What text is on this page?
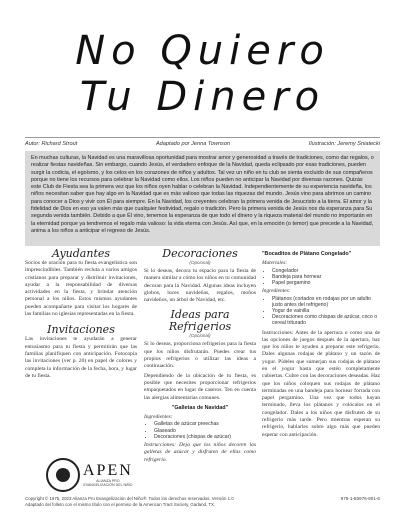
No Quiero
Tu Dinero
Autor: Richard Strout	Adaptado por Jenna Townson	Ilustración: Jeremy Sniatecki
En muchas culturas, la Navidad es una maravillosa oportunidad para mostrar amor y generosidad a través de tradiciones, como dar regalos, o realizar fiestas navideñas. Sin embargo, cuando Jesús, el verdadero enfoque de la Navidad, queda eclipsado por esas tradiciones, pueden surgir la codicia, el egoísmo, y los celos en los corazones de niños y adultos. Tal vez un niño en tu club se sienta excluido de sus compañeros porque no tiene los recursos para celebrar la Navidad como ellos. Los niños pueden no anticipar la Navidad por diversas razones. Quizás este Club de Fiesta sea la primera vez que los niños oyen hablar o celebran la Navidad. Independientemente de su experiencia navideña, los niños necesitan saber que hay algo en la Navidad que es más valioso que todas las riquezas del mundo. Jesús vino para abrirnos un camino para conocer a Dios y vivir con Él para siempre. En la Navidad, los creyentes celebran la primera venida de Jesucristo a la tierra. El amor y la fidelidad de Dios en eso ya valen más que cualquier festividad, regalo o tradición. Pero la primera venida de Jesús nos da esperanza para Su segunda venida también. Debido a que Él vino, tenemos la esperanza de que todo el dinero y la riqueza material del mundo no importarán en la eternidad porque ya tendremos el regalo más valioso: la vida eterna con Jesús. Así que, en la emoción (o temor) que precede a la Navidad, anima a los niños a anticipar el regreso de Jesús.
Ayudantes

Socios de oración para tu fiesta evangelística son imprescindibles. También recluta a varios amigos cristianos para preparar y distribuir invitaciones, ayudar a la responsabilidad de diversas actividades en la fiesta, y brindar atención personal a los niños. Estos mismos ayudantes pueden acompañarte para visitar los hogares de las familias no iglesias representadas en la fiesta.

Invitaciones

Las invitaciones te ayudarán a generar entusiasmo para tu fiesta y permitirán que las familias planifiquen con anticipación. Fotocopia las invitaciones (ver p. 20) en papel de colores y completa la información de la fecha, hora, y lugar de tu fiesta.

APEN
ALIANZA PRO
EVANGELIZACIÓN DEL NIÑO
Decoraciones
(Opcional)

Si lo deseas, decora tu espacio para la fiesta de manera similar a cómo los niños en tu comunidad decoran para la Navidad. Algunas ideas incluyen globos, luces navideñas, regalos, moños navideños, un árbol de Navidad, etc.

Ideas para Refrigerios
(Opcional)

Si lo deseas, proporciona refrigerios para la fiesta que los niños disfrutarán. Puedes crear tus propios refrigerios o utilizar las ideas a continuación.

Dependiendo de la ubicación de tu fiesta, es posible que necesites proporcionar refrigerios empaquetados en lugar de caseros. Ten en cuenta las alergias alimentarias comunes.

"Galletas de Navidad"
Ingredientes:
• Galletas de azúcar preechas
• Glaseado
• Decoraciones (chispas de azúcar)

Instrucciones: Deja que los niños decoren las galletas de azúcar y disfruten de ellas como refrigerio.

"Bocaditos de Plátano Congelado"
Materiales:
• Congelador
• Bandeja para hornear
• Papel pergamino
Ingredientes:
• Plátanos (cortados en rodajas por un adulto justo antes del refrigerio)
• Yogur de vainilla
• Decoraciones como chispas de azúcar, coco o cereal triturado

Instrucciones: Antes de la apertura o como una de las opciones de juegos después de la apertura, haz que los niños te ayuden a preparar este refrigerio. Dales algunas rodajas de plátano y un tazón de yogur. Pídeles que sumerjan sus rodajas de plátano en el yogur hasta que estén completamente cubiertas. Cubre con las decoraciones deseadas. Haz que los niños coloquen sus rodajas de plátano terminadas en una bandeja para hornear forrada con papel pergamino. Una vez que todos hayan terminado, lleva los plátanos y colócalos en el congelador. Dales a los niños que disfruten de su refrigerio más tarde. Pero mientras esperan su refrigerio, hablarles sobre algo más que pueden esperar con anticipación.

Copyright © 1975, 2023 Alianza Pro Evangelización del Niño®. Todos los derechos reservados. Versión 1.0
Adaptado del folleto con el mismo título con el permiso de la American Tract Society, Garland, TX.
978-1-55976-801-6
